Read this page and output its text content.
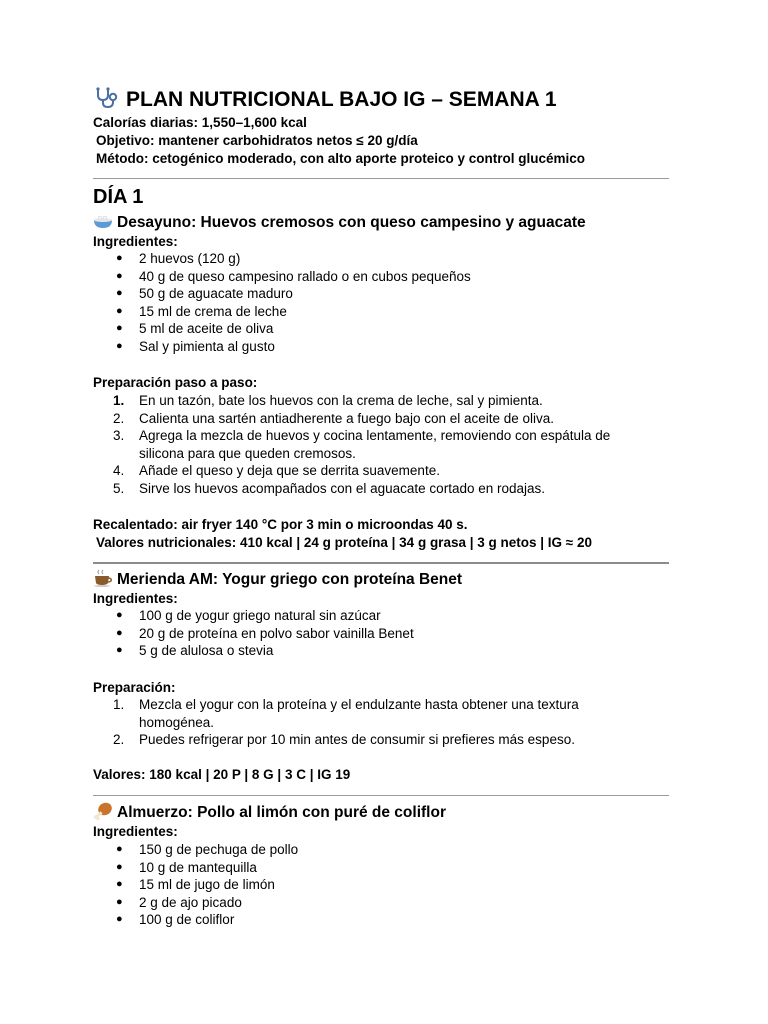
PLAN NUTRICIONAL BAJO IG – SEMANA 1
Calorías diarias: 1,550–1,600 kcal
Objetivo: mantener carbohidratos netos ≤ 20 g/día
Método: cetogénico moderado, con alto aporte proteico y control glucémico
DÍA 1
Desayuno: Huevos cremosos con queso campesino y aguacate
Ingredientes:
●	2 huevos (120 g)
●	40 g de queso campesino rallado o en cubos pequeños
●	50 g de aguacate maduro
●	15 ml de crema de leche
●	5 ml de aceite de oliva
●	Sal y pimienta al gusto
Preparación paso a paso:
1.	En un tazón, bate los huevos con la crema de leche, sal y pimienta.
2.	Calienta una sartén antiadherente a fuego bajo con el aceite de oliva.
3.	Agrega la mezcla de huevos y cocina lentamente, removiendo con espátula de silicona para que queden cremosos.
4.	Añade el queso y deja que se derrita suavemente.
5.	Sirve los huevos acompañados con el aguacate cortado en rodajas.
Recalentado: air fryer 140 °C por 3 min o microondas 40 s.
Valores nutricionales: 410 kcal | 24 g proteína | 34 g grasa | 3 g netos | IG ≈ 20
Merienda AM: Yogur griego con proteína Benet
Ingredientes:
●	100 g de yogur griego natural sin azúcar
●	20 g de proteína en polvo sabor vainilla Benet
●	5 g de alulosa o stevia
Preparación:
1.	Mezcla el yogur con la proteína y el endulzante hasta obtener una textura homogénea.
2.	Puedes refrigerar por 10 min antes de consumir si prefieres más espeso.
Valores: 180 kcal | 20 P | 8 G | 3 C | IG 19
Almuerzo: Pollo al limón con puré de coliflor
Ingredientes:
●	150 g de pechuga de pollo
●	10 g de mantequilla
●	15 ml de jugo de limón
●	2 g de ajo picado
●	100 g de coliflor
